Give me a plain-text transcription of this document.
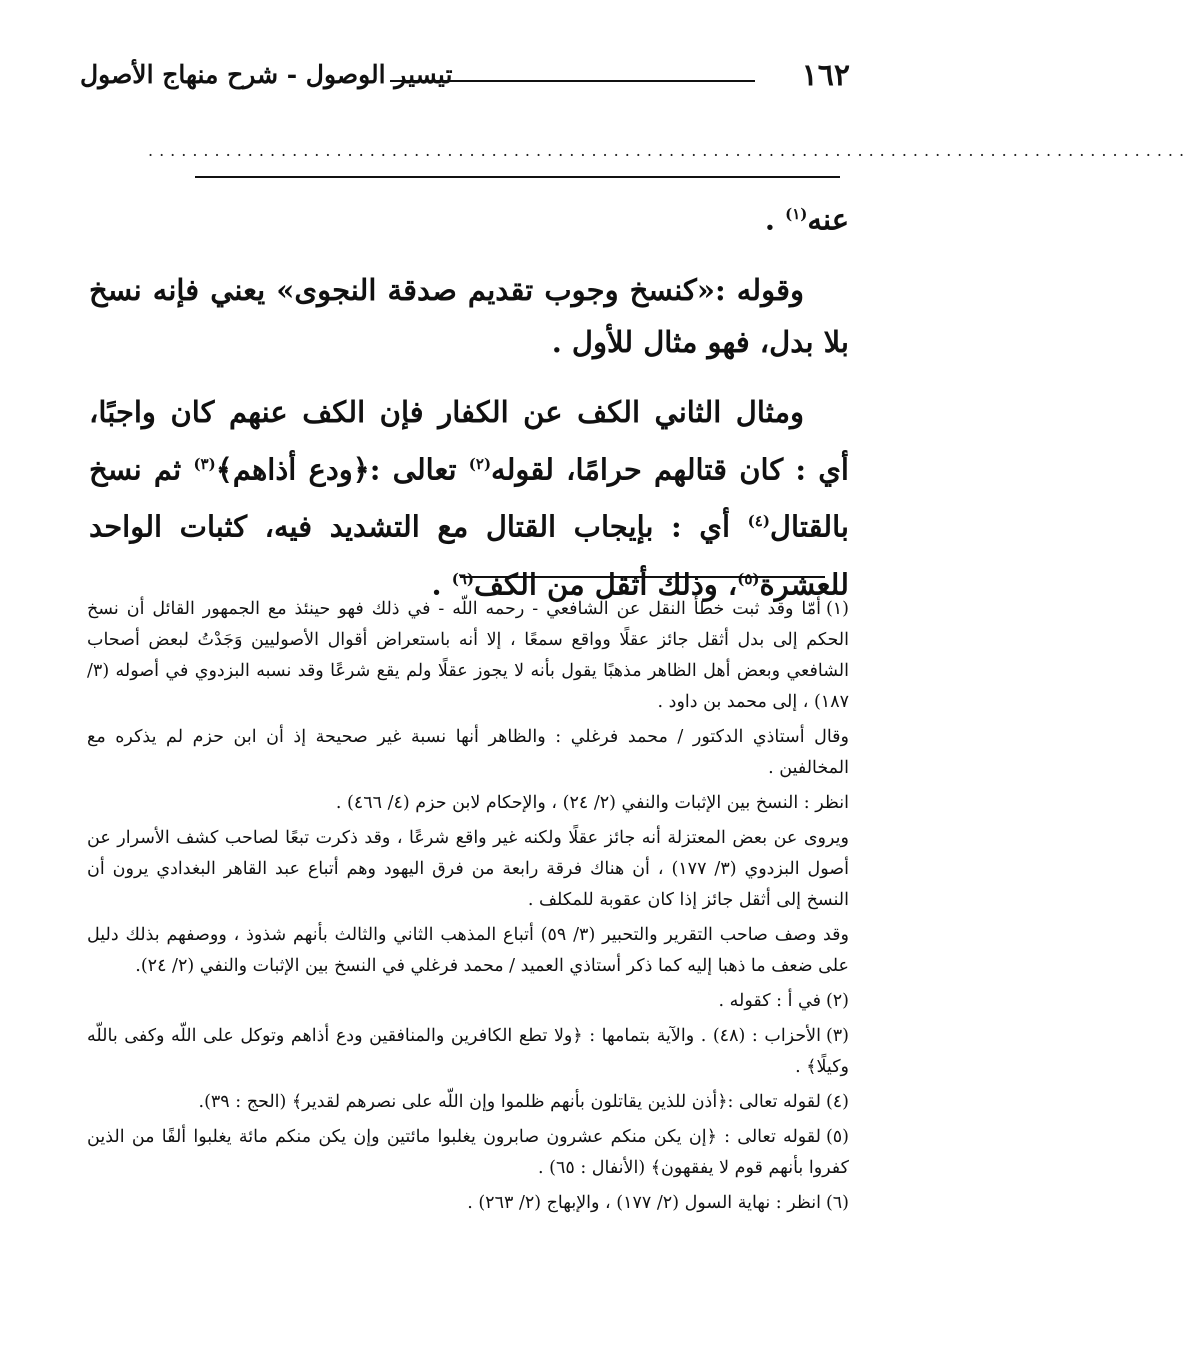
١٦٢
تيسير الوصول - شرح منهاج الأصول
..............................................................................................

عنه$^{(١)}$ .

وقوله :«كنسخ وجوب تقديم صدقة النجوى» يعني فإنه نسخ بلا بدل، فهو مثال للأول .

ومثال الثاني الكف عن الكفار فإن الكف عنهم كان واجبًا، أي : كان قتالهم حرامًا، لقوله$^{(٢)}$ تعالى :﴿ودع أذاهم﴾$^{(٣)}$ ثم نسخ بالقتال$^{(٤)}$ أي : بإيجاب القتال مع التشديد فيه، كثبات الواحد للعشرة$^{(٥)}$، وذلك أثقل من الكف$^{(٦)}$ .

(١)أمّا وقد ثبت خطأ النقل عن الشافعي - رحمه اللّه - في ذلك فهو حينئذ مع الجمهور القائل أن نسخ الحكم إلى بدل أثقل جائز عقلًا وواقع سمعًا ، إلا أنه باستعراض أقوال الأصوليين وَجَدْتُ لبعض أصحاب الشافعي وبعض أهل الظاهر مذهبًا يقول بأنه لا يجوز عقلًا ولم يقع شرعًا وقد نسبه البزدوي في أصوله (٣/ ١٨٧) ، إلى محمد بن داود .

وقال أستاذي الدكتور / محمد فرغلي : والظاهر أنها نسبة غير صحيحة إذ أن ابن حزم لم يذكره مع المخالفين .

انظر : النسخ بين الإثبات والنفي (٢/ ٢٤) ، والإحكام لابن حزم (٤/ ٤٦٦) .

ويروى عن بعض المعتزلة أنه جائز عقلًا ولكنه غير واقع شرعًا ، وقد ذكرت تبعًا لصاحب كشف الأسرار عن أصول البزدوي (٣/ ١٧٧) ، أن هناك فرقة رابعة من فرق اليهود وهم أتباع عبد القاهر البغدادي يرون أن النسخ إلى أثقل جائز إذا كان عقوبة للمكلف .

وقد وصف صاحب التقرير والتحبير (٣/ ٥٩) أتباع المذهب الثاني والثالث بأنهم شذوذ ، ووصفهم بذلك دليل على ضعف ما ذهبا إليه كما ذكر أستاذي العميد / محمد فرغلي في النسخ بين الإثبات والنفي (٢/ ٢٤).

(٢)في أ : كقوله .

(٣)الأحزاب : (٤٨) . والآية بتمامها : ﴿ولا تطع الكافرين والمنافقين ودع أذاهم وتوكل على اللّه وكفى باللّه وكيلًا﴾ .

(٤)لقوله تعالى :﴿أذن للذين يقاتلون بأنهم ظلموا وإن اللّه على نصرهم لقدير﴾ (الحج : ٣٩).

(٥)لقوله تعالى : ﴿إن يكن منكم عشرون صابرون يغلبوا مائتين وإن يكن منكم مائة يغلبوا ألفًا من الذين كفروا بأنهم قوم لا يفقهون﴾ (الأنفال : ٦٥) .

(٦)انظر : نهاية السول (٢/ ١٧٧) ، والإبهاج (٢/ ٢٦٣) .
